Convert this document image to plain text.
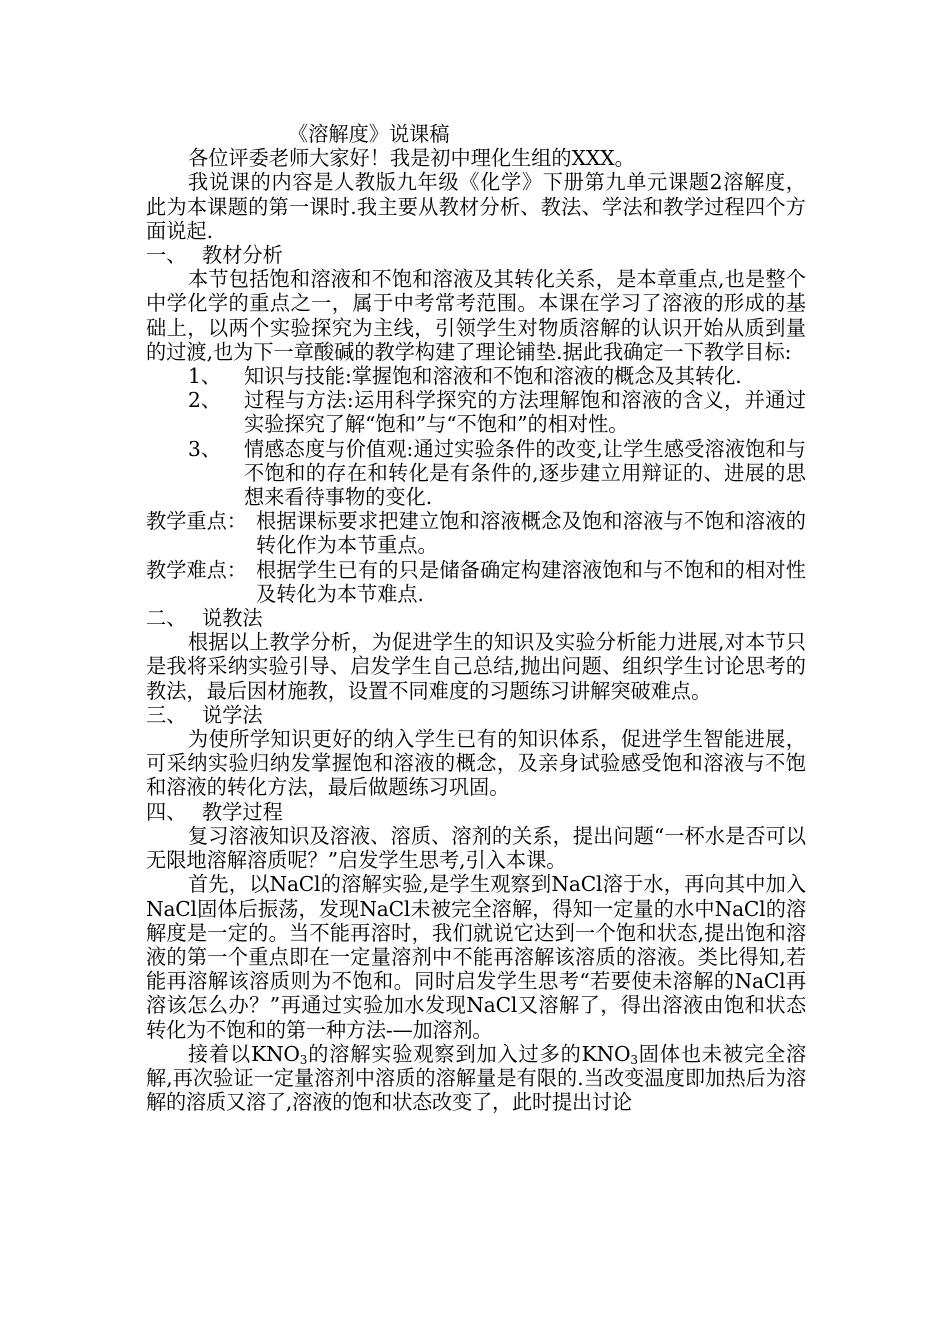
《溶解度》说课稿
各位评委老师大家好！我是初中理化生组的XXX。
我说课的内容是人教版九年级《化学》下册第九单元课题2溶解度，此为本课题的第一课时.我主要从教材分析、教法、学法和教学过程四个方面说起.
一、 教材分析
本节包括饱和溶液和不饱和溶液及其转化关系，是本章重点,也是整个中学化学的重点之一，属于中考常考范围。本课在学习了溶液的形成的基础上，以两个实验探究为主线，引领学生对物质溶解的认识开始从质到量的过渡,也为下一章酸碱的教学构建了理论铺垫.据此我确定一下教学目标:
1、	知识与技能:掌握饱和溶液和不饱和溶液的概念及其转化.
2、	过程与方法:运用科学探究的方法理解饱和溶液的含义，并通过实验探究了解“饱和”与“不饱和”的相对性。
3、	情感态度与价值观:通过实验条件的改变,让学生感受溶液饱和与不饱和的存在和转化是有条件的,逐步建立用辩证的、进展的思想来看待事物的变化.
教学重点： 根据课标要求把建立饱和溶液概念及饱和溶液与不饱和溶液的转化作为本节重点。
教学难点： 根据学生已有的只是储备确定构建溶液饱和与不饱和的相对性及转化为本节难点.
二、 说教法
根据以上教学分析，为促进学生的知识及实验分析能力进展,对本节只是我将采纳实验引导、启发学生自己总结,抛出问题、组织学生讨论思考的教法，最后因材施教，设置不同难度的习题练习讲解突破难点。
三、 说学法
为使所学知识更好的纳入学生已有的知识体系，促进学生智能进展，可采纳实验归纳发掌握饱和溶液的概念，及亲身试验感受饱和溶液与不饱和溶液的转化方法，最后做题练习巩固。
四、 教学过程
复习溶液知识及溶液、溶质、溶剂的关系，提出问题“一杯水是否可以无限地溶解溶质呢？”启发学生思考,引入本课。
首先，以NaCl的溶解实验,是学生观察到NaCl溶于水，再向其中加入NaCl固体后振荡，发现NaCl未被完全溶解，得知一定量的水中NaCl的溶解度是一定的。当不能再溶时，我们就说它达到一个饱和状态,提出饱和溶液的第一个重点即在一定量溶剂中不能再溶解该溶质的溶液。类比得知,若能再溶解该溶质则为不饱和。同时启发学生思考“若要使未溶解的NaCl再溶该怎么办？”再通过实验加水发现NaCl又溶解了，得出溶液由饱和状态转化为不饱和的第一种方法-—加溶剂。
接着以$KNO_3$的溶解实验观察到加入过多的$KNO_3$固体也未被完全溶解,再次验证一定量溶剂中溶质的溶解量是有限的.当改变温度即加热后为溶解的溶质又溶了,溶液的饱和状态改变了，此时提出讨论
